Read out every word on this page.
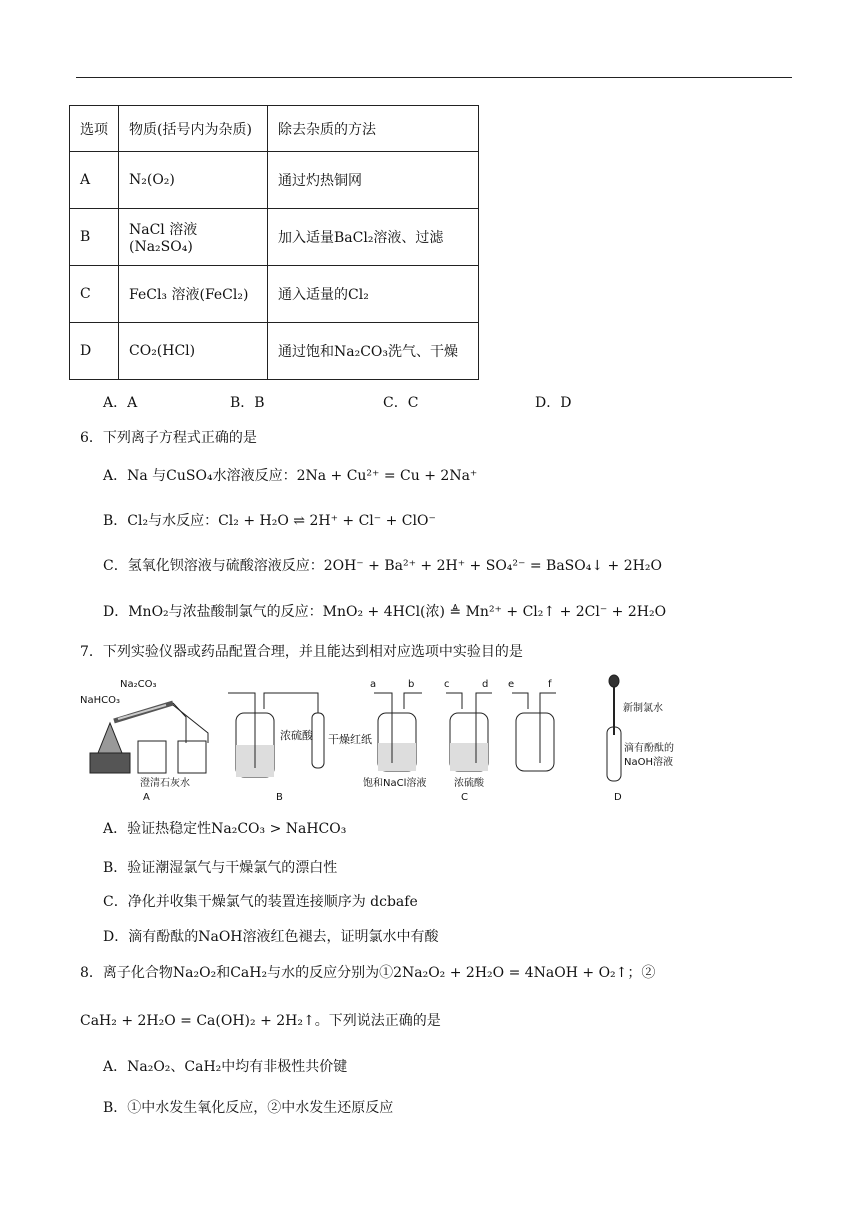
选项	物质(括号内为杂质)	除去杂质的方法
A	N₂(O₂)	通过灼热铜网
B	NaCl 溶液(Na₂SO₄)	加入适量BaCl₂溶液、过滤
C	FeCl₃ 溶液(FeCl₂)	通入适量的Cl₂
D	CO₂(HCl)	通过饱和Na₂CO₃洗气、干燥
A．A	B．B	C．C	D．D
6．下列离子方程式正确的是
A．Na 与CuSO₄水溶液反应：2Na + Cu²⁺ = Cu + 2Na⁺
B．Cl₂与水反应：Cl₂ + H₂O ⇌ 2H⁺ + Cl⁻ + ClO⁻
C．氢氧化钡溶液与硫酸溶液反应：2OH⁻ + Ba²⁺ + 2H⁺ + SO₄²⁻ = BaSO₄↓ + 2H₂O
D．MnO₂与浓盐酸制氯气的反应：MnO₂ + 4HCl(浓) ≜ Mn²⁺ + Cl₂↑ + 2Cl⁻ + 2H₂O
7．下列实验仪器或药品配置合理，并且能达到相对应选项中实验目的是
NaHCO₃
Na₂CO₃
澄清石灰水
A
浓硫酸 干燥红纸
B
a	b	c	d e	f
饱和NaCl溶液	浓硫酸
C
新制氯水
滴有酚酞的
NaOH溶液
D
A．验证热稳定性Na₂CO₃ > NaHCO₃
B．验证潮湿氯气与干燥氯气的漂白性
C．净化并收集干燥氯气的装置连接顺序为 dcbafe
D．滴有酚酞的NaOH溶液红色褪去，证明氯水中有酸
8．离子化合物Na₂O₂和CaH₂与水的反应分别为①2Na₂O₂ + 2H₂O = 4NaOH + O₂↑；②
CaH₂ + 2H₂O = Ca(OH)₂ + 2H₂↑。下列说法正确的是
A．Na₂O₂、CaH₂中均有非极性共价键
B．①中水发生氧化反应，②中水发生还原反应
